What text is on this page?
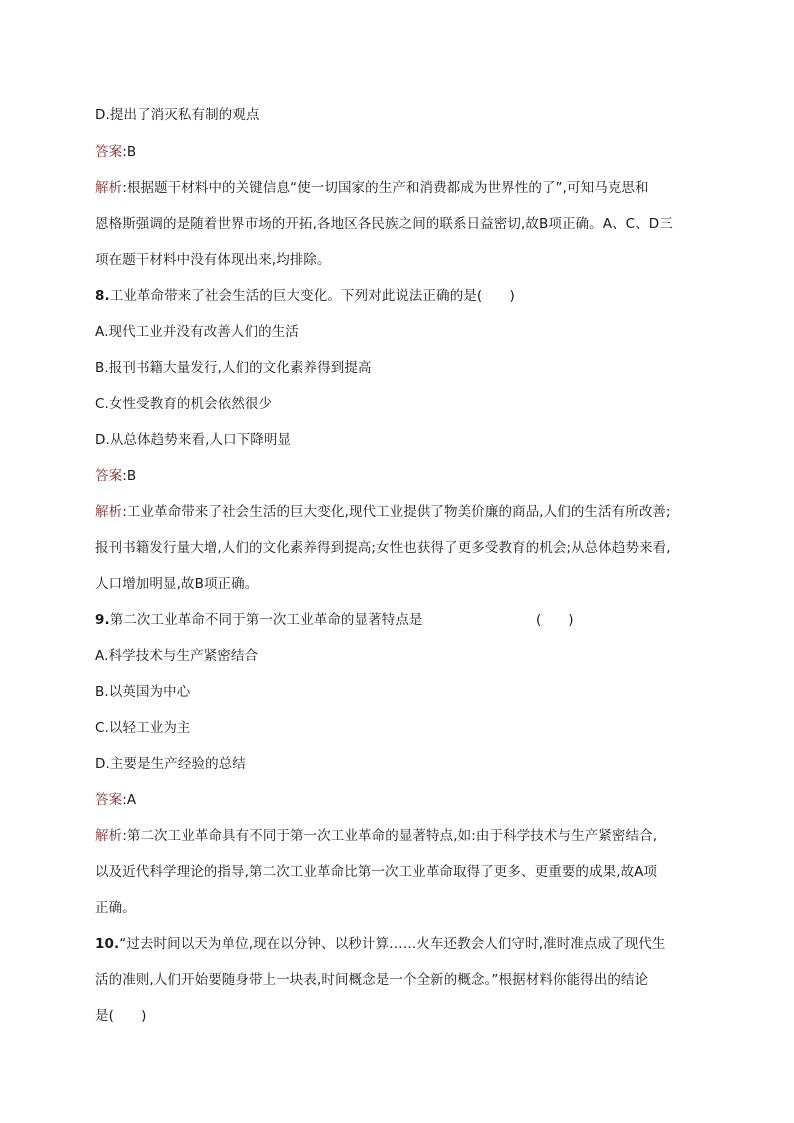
D.提出了消灭私有制的观点
答案:B
解析:根据题干材料中的关键信息“使一切国家的生产和消费都成为世界性的了”,可知马克思和
恩格斯强调的是随着世界市场的开拓,各地区各民族之间的联系日益密切,故B项正确。A、C、D三
项在题干材料中没有体现出来,均排除。
8.工业革命带来了社会生活的巨大变化。下列对此说法正确的是(　　)
A.现代工业并没有改善人们的生活
B.报刊书籍大量发行,人们的文化素养得到提高
C.女性受教育的机会依然很少
D.从总体趋势来看,人口下降明显
答案:B
解析:工业革命带来了社会生活的巨大变化,现代工业提供了物美价廉的商品,人们的生活有所改善;
报刊书籍发行量大增,人们的文化素养得到提高;女性也获得了更多受教育的机会;从总体趋势来看,
人口增加明显,故B项正确。
9.第二次工业革命不同于第一次工业革命的显著特点是	(　　)
A.科学技术与生产紧密结合
B.以英国为中心
C.以轻工业为主
D.主要是生产经验的总结
答案:A
解析:第二次工业革命具有不同于第一次工业革命的显著特点,如:由于科学技术与生产紧密结合,
以及近代科学理论的指导,第二次工业革命比第一次工业革命取得了更多、更重要的成果,故A项
正确。
10.“过去时间以天为单位,现在以分钟、以秒计算……火车还教会人们守时,准时准点成了现代生
活的准则,人们开始要随身带上一块表,时间概念是一个全新的概念。”根据材料你能得出的结论
是(　　)
